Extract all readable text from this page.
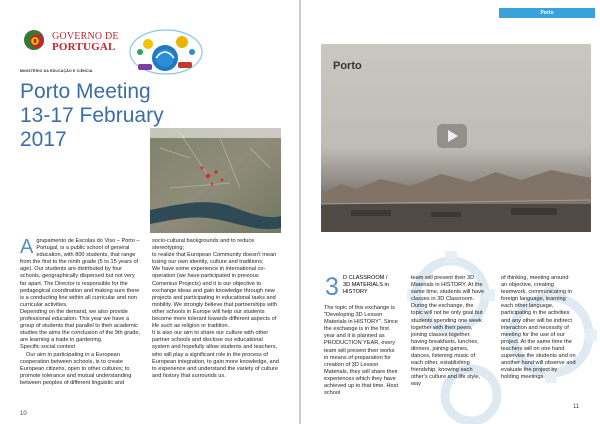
GOVERNO DE
PORTUGAL
MINISTÉRIO DA EDUCAÇÃO E CIÊNCIA
Porto Meeting
13-17 February 2017
A grupamento de Escolas do Viso – Porto – Portugal, is a public school of general education, with 800 students, that range from the first to the ninth grade (5 to 15 years of age). Our students are distributed by four schools, geographically dispersed but not very far apart. The Director is responsible for the pedagogical coordination and making sure there is a conducting line within all curricular and non curricular activities.

Depending on the demand, we also provide professional education. This year we have a group of students that parallel to their academic studies the aims the conclusion of the 9th grade, are learning a trade in gardening.

Specific social context

Our aim in participating in a European cooperation between schools, is to create European citizens, open to other cultures; to promote tolerance and mutual understanding between peoples of different linguistic and

socio-cultural backgrounds and to reduce stereotyping;

to realize that European Community doesn't mean losing our own identity, culture and traditions;

We have some experience in international co-operation (we have participated in previous Comenius Projects) and it is our objective to exchange ideas and gain knowledge through new projects and participating in educational tasks and mobility. We strongly believe that partnerships with other schools in Europe will help our students become more tolerant towards different aspects of life such as religion or tradition.

It is also our aim to share our culture with other partner schools and disclose our educational system and hopefully allow students and teachers, who will play a significant role in the process of European integration, to gain more knowledge, and to experience and understand the variety of culture and history that surrounds us.

10
Porto
Porto
3 D CLASSROOM / 3D MATERIALS in HISTORY

The topic of this exchange is "Developing 3D Lesson Materials in HISTORY". Since the exchange is in the first year and it is planned as PRODUCTION YEAR, every team will present their works in means of preparation for creation of 3D Lesson Materials, they will share their experiences which they have achieved up to that time. Host school

team will present their 3D Materials in HISTORY. At the same time, students will have classes in 3D Classroom.
During the exchange, the topic will not be only goal but students spending one week together with their peers, joining classes together, having breakfasts, lunches, dinners, joining games, dances, listening music of each other, establishing friendship, knowing each other's culture and life style, way

of thinking, meeting around an objective, creating teamwork, communicating in foreign language, learning each other language, participating in the activities and any other will be indirect interaction and necessity of meeting for the use of our project. At the same time the teachers will on one hand supervise the students and on another hand will observe and evaluate the project by holding meetings.

11
